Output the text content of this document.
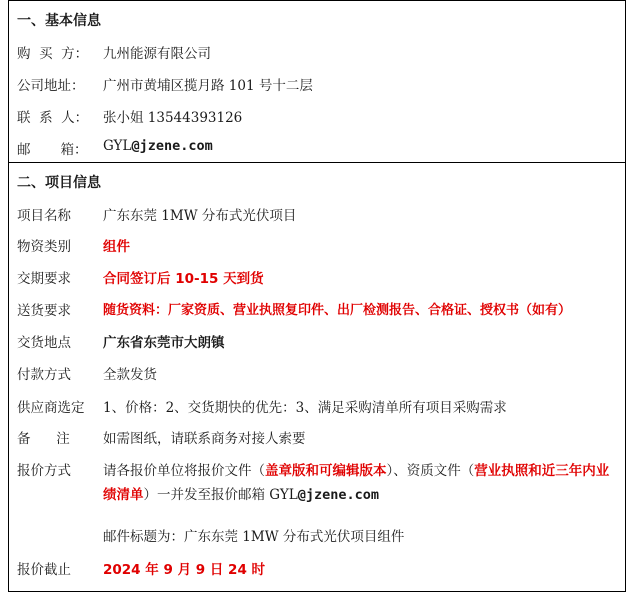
一、基本信息
购  买  方： 九州能源有限公司
公司地址： 广州市黄埔区揽月路 101 号十二层
联  系  人： 张小姐 13544393126
邮       箱： GYL@jzene.com
二、项目信息
项目名称 广东东莞 1MW 分布式光伏项目
物资类别 组件
交期要求 合同签订后 10-15 天到货
送货要求 随货资料：厂家资质、营业执照复印件、出厂检测报告、合格证、授权书（如有）
交货地点 广东省东莞市大朗镇
付款方式 全款发货
供应商选定 1、价格：2、交货期快的优先：3、满足采购清单所有项目采购需求
备      注 如需图纸，请联系商务对接人索要
报价方式 请各报价单位将报价文件（盖章版和可编辑版本）、资质文件（营业执照和近三年内业绩清单）一并发至报价邮箱 GYL@jzene.com
邮件标题为：广东东莞 1MW 分布式光伏项目组件
报价截止 2024 年 9 月 9 日 24 时
